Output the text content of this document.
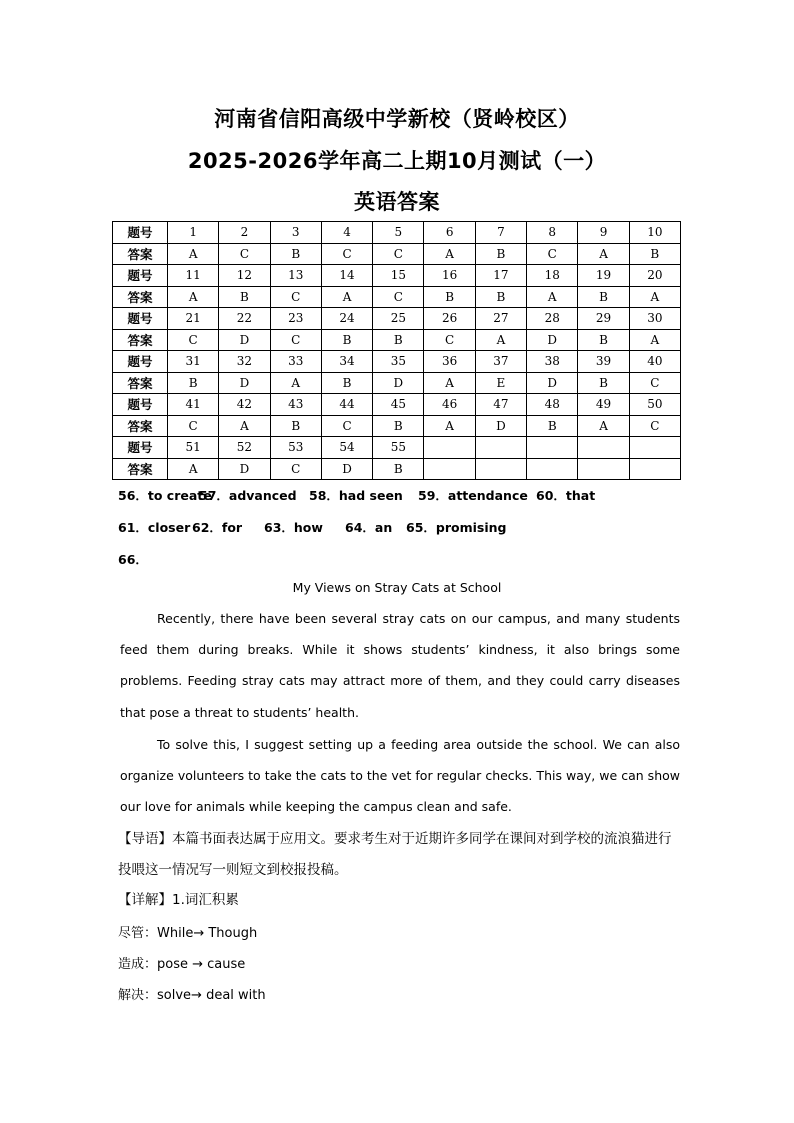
河南省信阳高级中学新校（贤岭校区）
2025-2026学年高二上期10月测试（一）
英语答案
题号	1	2	3	4	5	6	7	8	9	10
答案	A	C	B	C	C	A	B	C	A	B
题号	11	12	13	14	15	16	17	18	19	20
答案	A	B	C	A	C	B	B	A	B	A
题号	21	22	23	24	25	26	27	28	29	30
答案	C	D	C	B	B	C	A	D	B	A
题号	31	32	33	34	35	36	37	38	39	40
答案	B	D	A	B	D	A	E	D	B	C
题号	41	42	43	44	45	46	47	48	49	50
答案	C	A	B	C	B	A	D	B	A	C
题号	51	52	53	54	55					
答案	A	D	C	D	B					
56．to create57．advanced 58．had seen 59．attendance 60．that
61．closer 62．for 63．how 64．an 65．promising
66．
My Views on Stray Cats at School
Recently, there have been several stray cats on our campus, and many students feed them during breaks. While it shows students’ kindness, it also brings some problems. Feeding stray cats may attract more of them, and they could carry diseases that pose a threat to students’ health.
To solve this, I suggest setting up a feeding area outside the school. We can also organize volunteers to take the cats to the vet for regular checks. This way, we can show our love for animals while keeping the campus clean and safe.
【导语】本篇书面表达属于应用文。要求考生对于近期许多同学在课间对到学校的流浪猫进行投喂这一情况写一则短文到校报投稿。
【详解】1.词汇积累
尽管：While→ Though
造成：pose → cause
解决：solve→ deal with
